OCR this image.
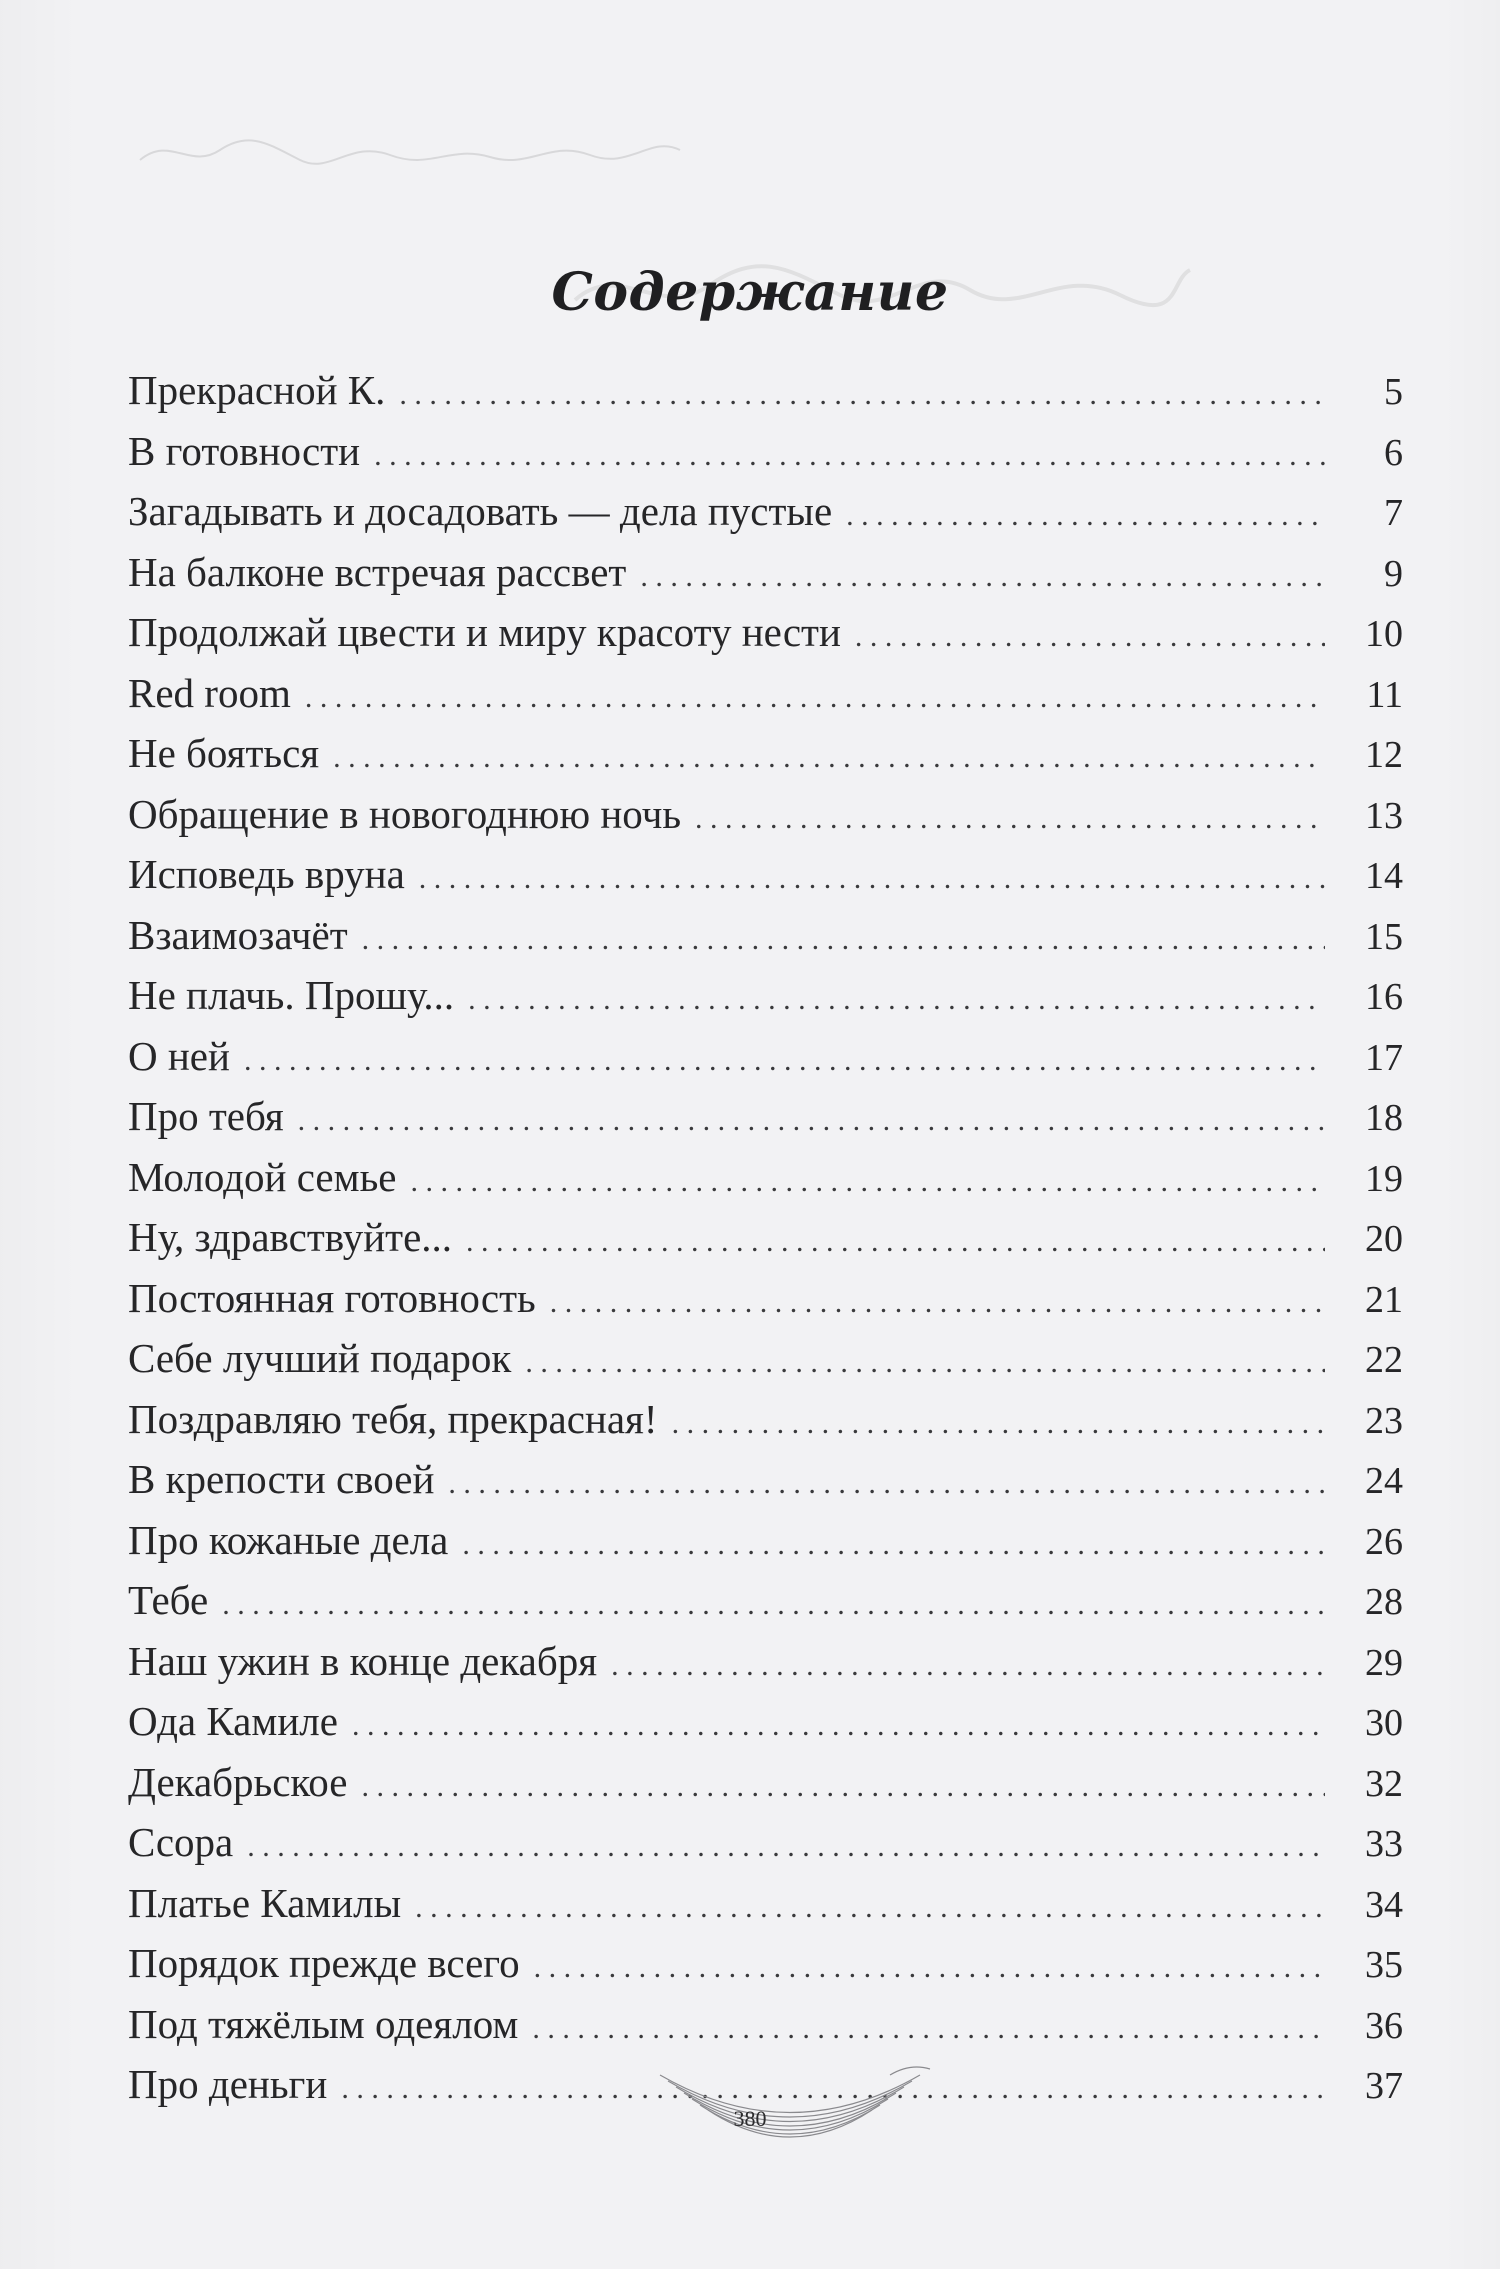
Содержание
Прекрасной К. . . .	5
В готовности . . .	6
Загадывать и досадовать — дела пустые . . .	7
На балконе встречая рассвет . . .	9
Продолжай цвести и миру красоту нести . . .	10
Red room . . .	11
Не бояться . . .	12
Обращение в новогоднюю ночь . . .	13
Исповедь вруна . . .	14
Взаимозачёт . . .	15
Не плачь. Прошу... . . .	16
О ней . . .	17
Про тебя . . .	18
Молодой семье . . .	19
Ну, здравствуйте... . . .	20
Постоянная готовность . . .	21
Себе лучший подарок . . .	22
Поздравляю тебя, прекрасная! . . .	23
В крепости своей . . .	24
Про кожаные дела . . .	26
Тебе . . .	28
Наш ужин в конце декабря . . .	29
Ода Камиле . . .	30
Декабрьское . . .	32
Ссора . . .	33
Платье Камилы . . .	34
Порядок прежде всего . . .	35
Под тяжёлым одеялом . . .	36
Про деньги . . .	37
380
